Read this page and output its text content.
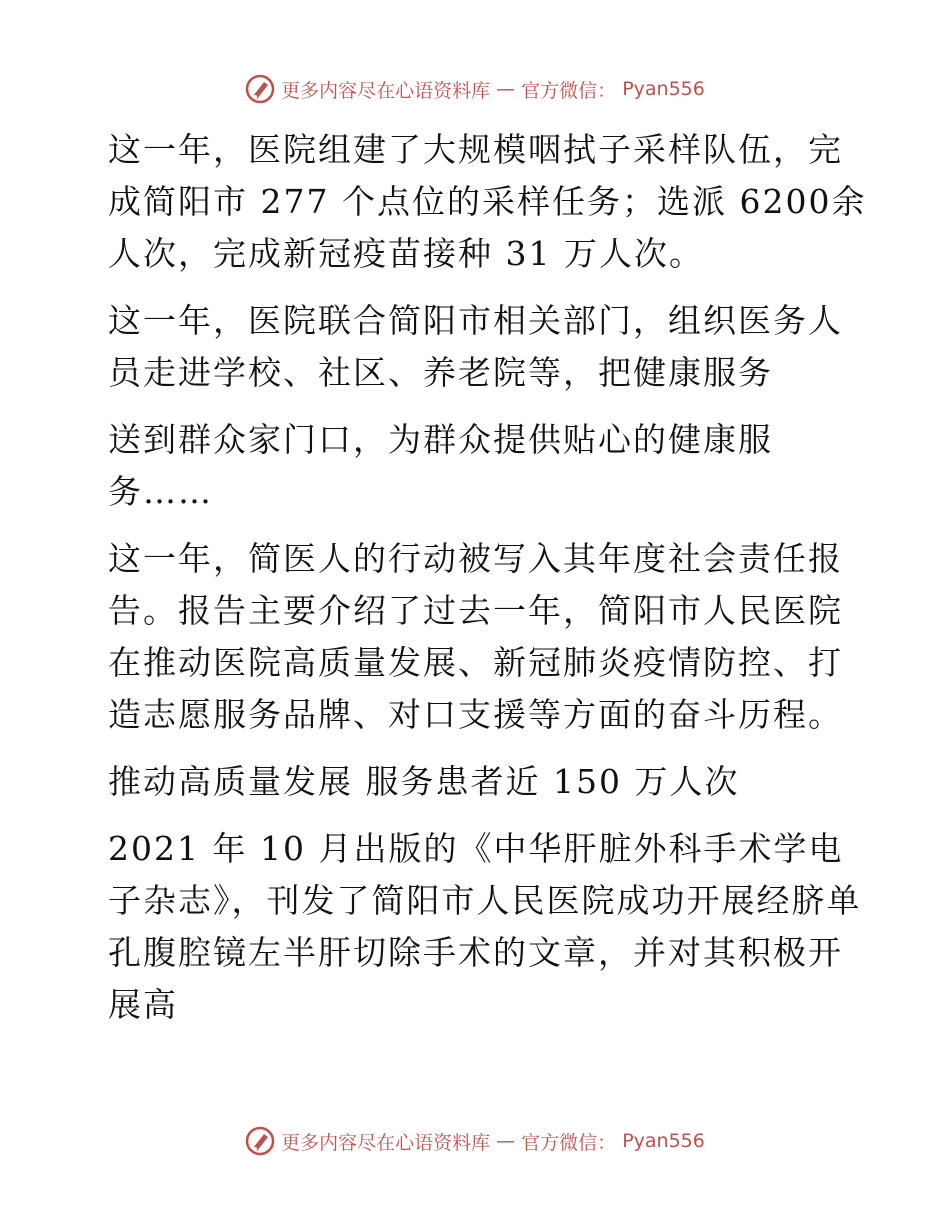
更多内容尽在心语资料库 — 官方微信： Pyan556

这一年，医院组建了大规模咽拭子采样队伍，完成简阳市 277 个点位的采样任务；选派 6200余人次，完成新冠疫苗接种 31 万人次。

这一年，医院联合简阳市相关部门，组织医务人员走进学校、社区、养老院等，把健康服务

送到群众家门口，为群众提供贴心的健康服务……

这一年，简医人的行动被写入其年度社会责任报告。报告主要介绍了过去一年，简阳市人民医院在推动医院高质量发展、新冠肺炎疫情防控、打造志愿服务品牌、对口支援等方面的奋斗历程。

推动高质量发展 服务患者近 150 万人次

2021 年 10 月出版的《中华肝脏外科手术学电子杂志》，刊发了简阳市人民医院成功开展经脐单孔腹腔镜左半肝切除手术的文章，并对其积极开展高

更多内容尽在心语资料库 — 官方微信： Pyan556
